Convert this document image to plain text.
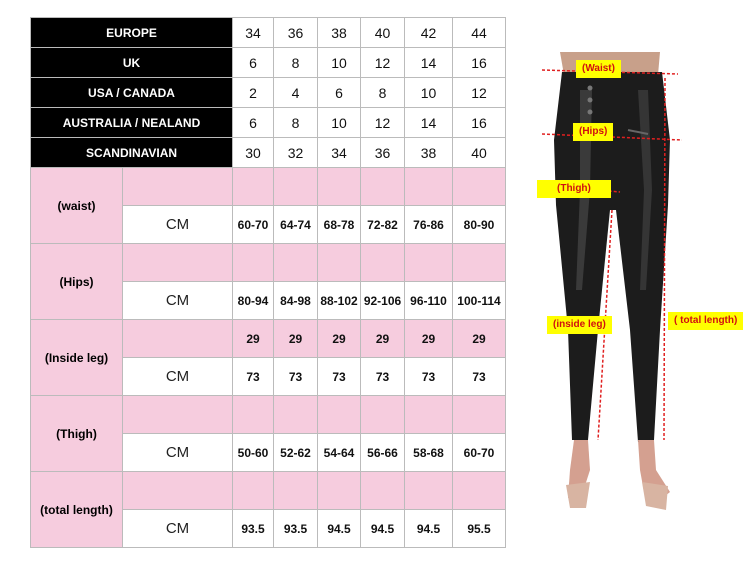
EUROPE		34	36	38	40	42	44
UK		6	8	10	12	14	16
USA / CANADA		2	4	6	8	10	12
AUSTRALIA / NEALAND		6	8	10	12	14	16
SCANDINAVIAN		30	32	34	36	38	40
(waist)							
	CM	60-70	64-74	68-78	72-82	76-86	80-90
(Hips)							
	CM	80-94	84-98	88-102	92-106	96-110	100-114
(Inside leg)		29	29	29	29	29	29
	CM	73	73	73	73	73	73
(Thigh)							
	CM	50-60	52-62	54-64	56-66	58-68	60-70
(total length)							
	CM	93.5	93.5	94.5	94.5	94.5	95.5
(Waist)
(Hips)
(Thigh)
(inside leg)	( total length)
